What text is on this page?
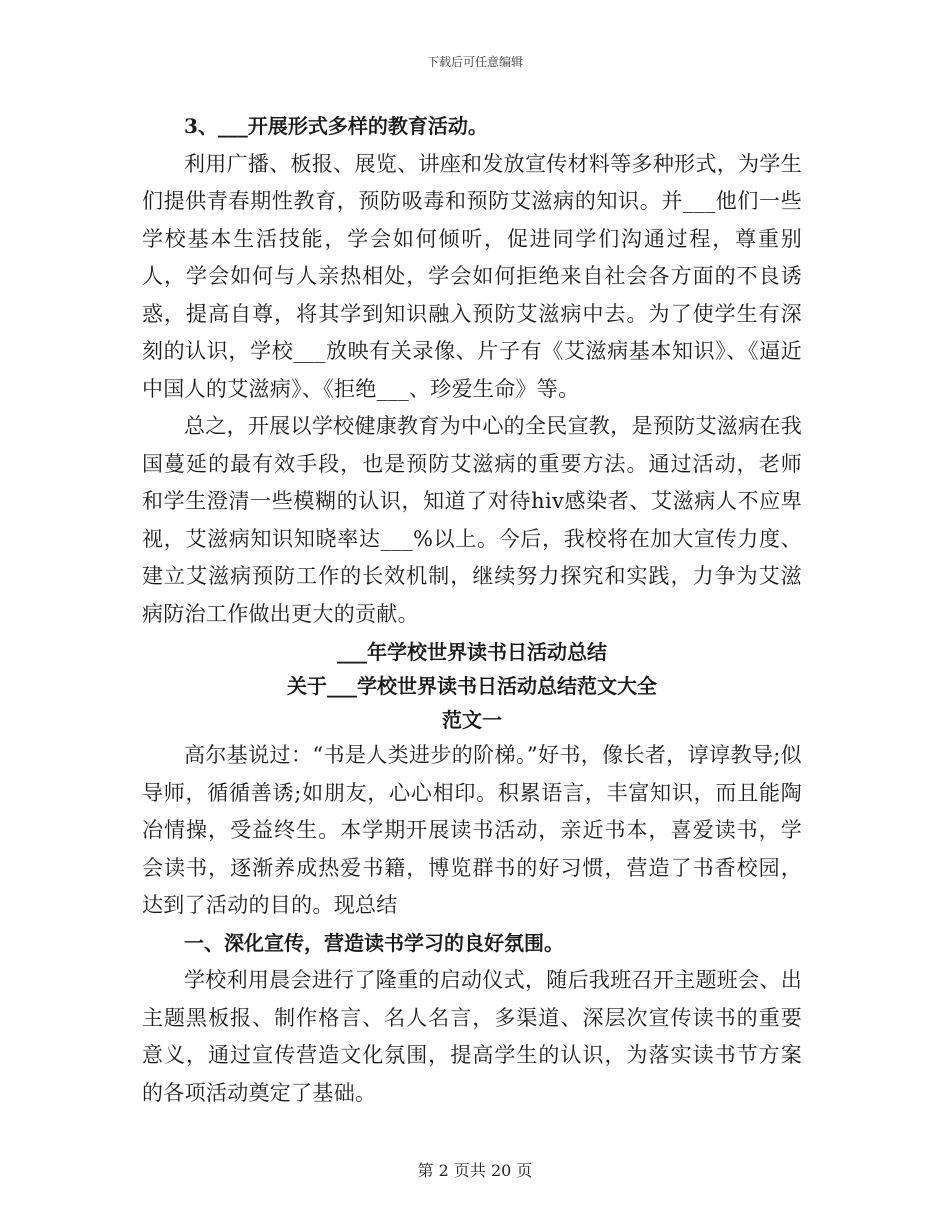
下载后可任意编辑

3、___开展形式多样的教育活动。

利用广播、板报、展览、讲座和发放宣传材料等多种形式，为学生们提供青春期性教育，预防吸毒和预防艾滋病的知识。并___他们一些学校基本生活技能，学会如何倾听，促进同学们沟通过程，尊重别人，学会如何与人亲热相处，学会如何拒绝来自社会各方面的不良诱惑，提高自尊，将其学到知识融入预防艾滋病中去。为了使学生有深刻的认识，学校___放映有关录像、片子有《艾滋病基本知识》、《逼近中国人的艾滋病》、《拒绝___、珍爱生命》等。

总之，开展以学校健康教育为中心的全民宣教，是预防艾滋病在我国蔓延的最有效手段，也是预防艾滋病的重要方法。通过活动，老师和学生澄清一些模糊的认识，知道了对待hiv感染者、艾滋病人不应卑视，艾滋病知识知晓率达___%以上。今后，我校将在加大宣传力度、建立艾滋病预防工作的长效机制，继续努力探究和实践，力争为艾滋病防治工作做出更大的贡献。

___年学校世界读书日活动总结

关于___学校世界读书日活动总结范文大全

范文一

高尔基说过：“书是人类进步的阶梯。”好书，像长者，谆谆教导;似导师，循循善诱;如朋友，心心相印。积累语言，丰富知识，而且能陶冶情操，受益终生。本学期开展读书活动，亲近书本，喜爱读书，学会读书，逐渐养成热爱书籍，博览群书的好习惯，营造了书香校园，达到了活动的目的。现总结

一、深化宣传，营造读书学习的良好氛围。

学校利用晨会进行了隆重的启动仪式，随后我班召开主题班会、出主题黑板报、制作格言、名人名言，多渠道、深层次宣传读书的重要意义，通过宣传营造文化氛围，提高学生的认识，为落实读书节方案的各项活动奠定了基础。

第 2 页共 20 页
